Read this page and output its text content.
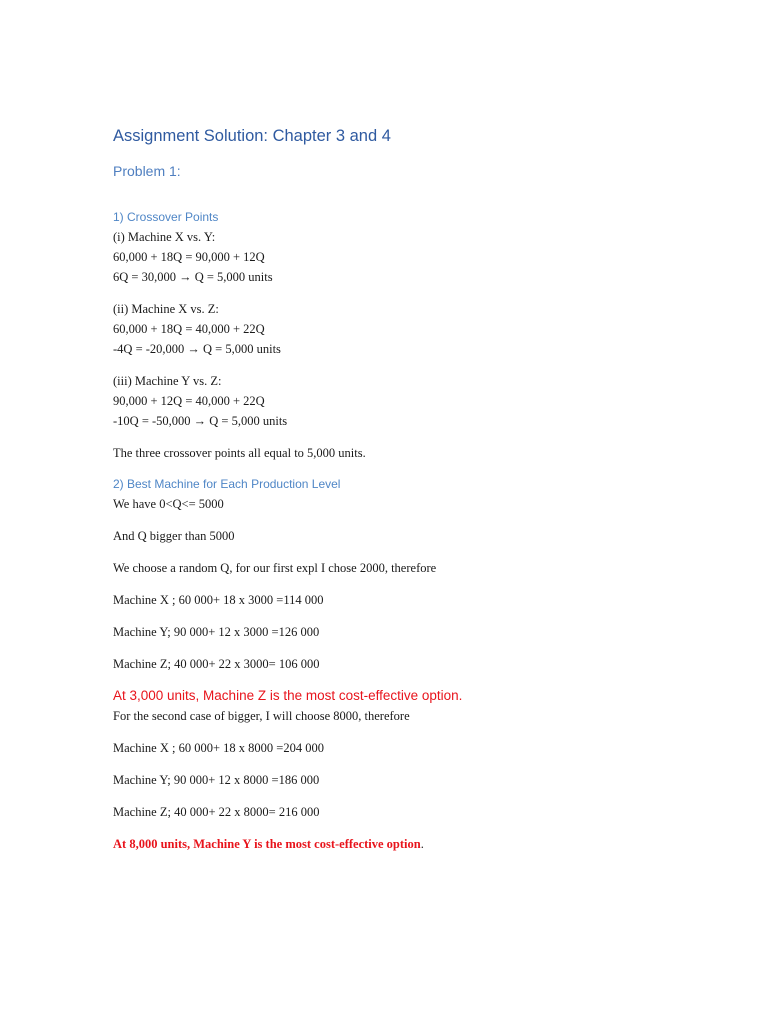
Assignment Solution: Chapter 3 and 4
Problem 1:
1) Crossover Points
(i) Machine X vs. Y:
60,000 + 18Q = 90,000 + 12Q
6Q = 30,000 → Q = 5,000 units
(ii) Machine X vs. Z:
60,000 + 18Q = 40,000 + 22Q
-4Q = -20,000 → Q = 5,000 units
(iii) Machine Y vs. Z:
90,000 + 12Q = 40,000 + 22Q
-10Q = -50,000 → Q = 5,000 units
The three crossover points all equal to 5,000 units.
2) Best Machine for Each Production Level
We have 0<Q<= 5000
And Q bigger than 5000
We choose a random Q, for our first expl I chose 2000, therefore
Machine X ; 60 000+ 18 x 3000 =114 000
Machine Y; 90 000+ 12 x 3000 =126 000
Machine Z; 40 000+ 22 x 3000= 106 000
At 3,000 units, Machine Z is the most cost-effective option.
For the second case of bigger, I will choose 8000, therefore
Machine X ; 60 000+ 18 x 8000 =204 000
Machine Y; 90 000+ 12 x 8000 =186 000
Machine Z; 40 000+ 22 x 8000= 216 000
At 8,000 units, Machine Y is the most cost-effective option.
